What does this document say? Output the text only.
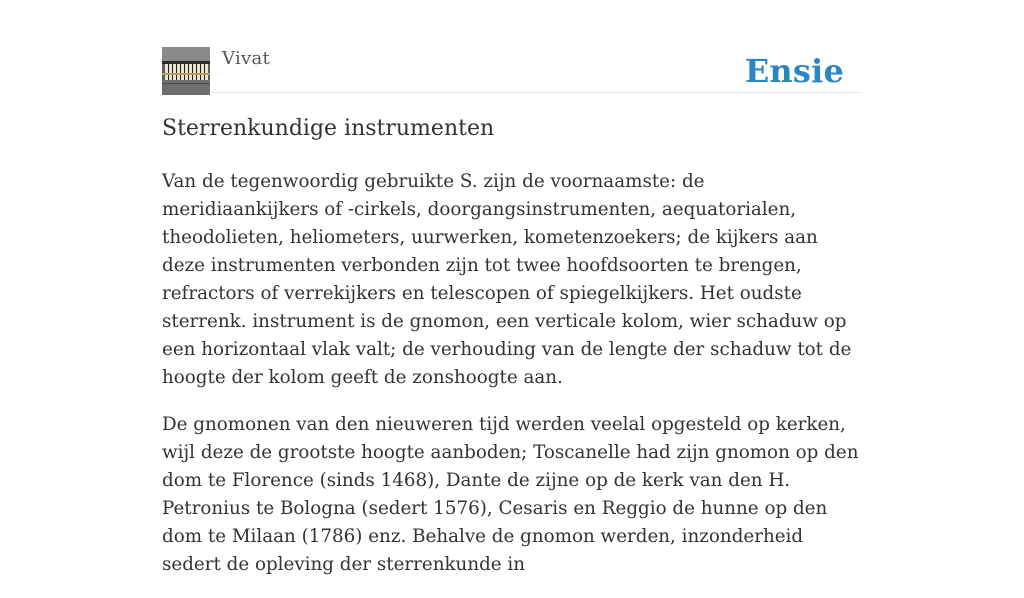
Vivat	Ensie
Sterrenkundige instrumenten

Van de tegenwoordig gebruikte S. zijn de voornaamste: de meridiaankijkers of -cirkels, doorgangsinstrumenten, aequatorialen, theodolieten, heliometers, uurwerken, kometenzoekers; de kijkers aan deze instrumenten verbonden zijn tot twee hoofdsoorten te brengen, refractors of verrekijkers en telescopen of spiegelkijkers. Het oudste sterrenk. instrument is de gnomon, een verticale kolom, wier schaduw op een horizontaal vlak valt; de verhouding van de lengte der schaduw tot de hoogte der kolom geeft de zonshoogte aan.

De gnomonen van den nieuweren tijd werden veelal opgesteld op kerken, wijl deze de grootste hoogte aanboden; Toscanelle had zijn gnomon op den dom te Florence (sinds 1468), Dante de zijne op de kerk van den H. Petronius te Bologna (sedert 1576), Cesaris en Reggio de hunne op den dom te Milaan (1786) enz. Behalve de gnomon werden, inzonderheid sedert de opleving der sterrenkunde in
